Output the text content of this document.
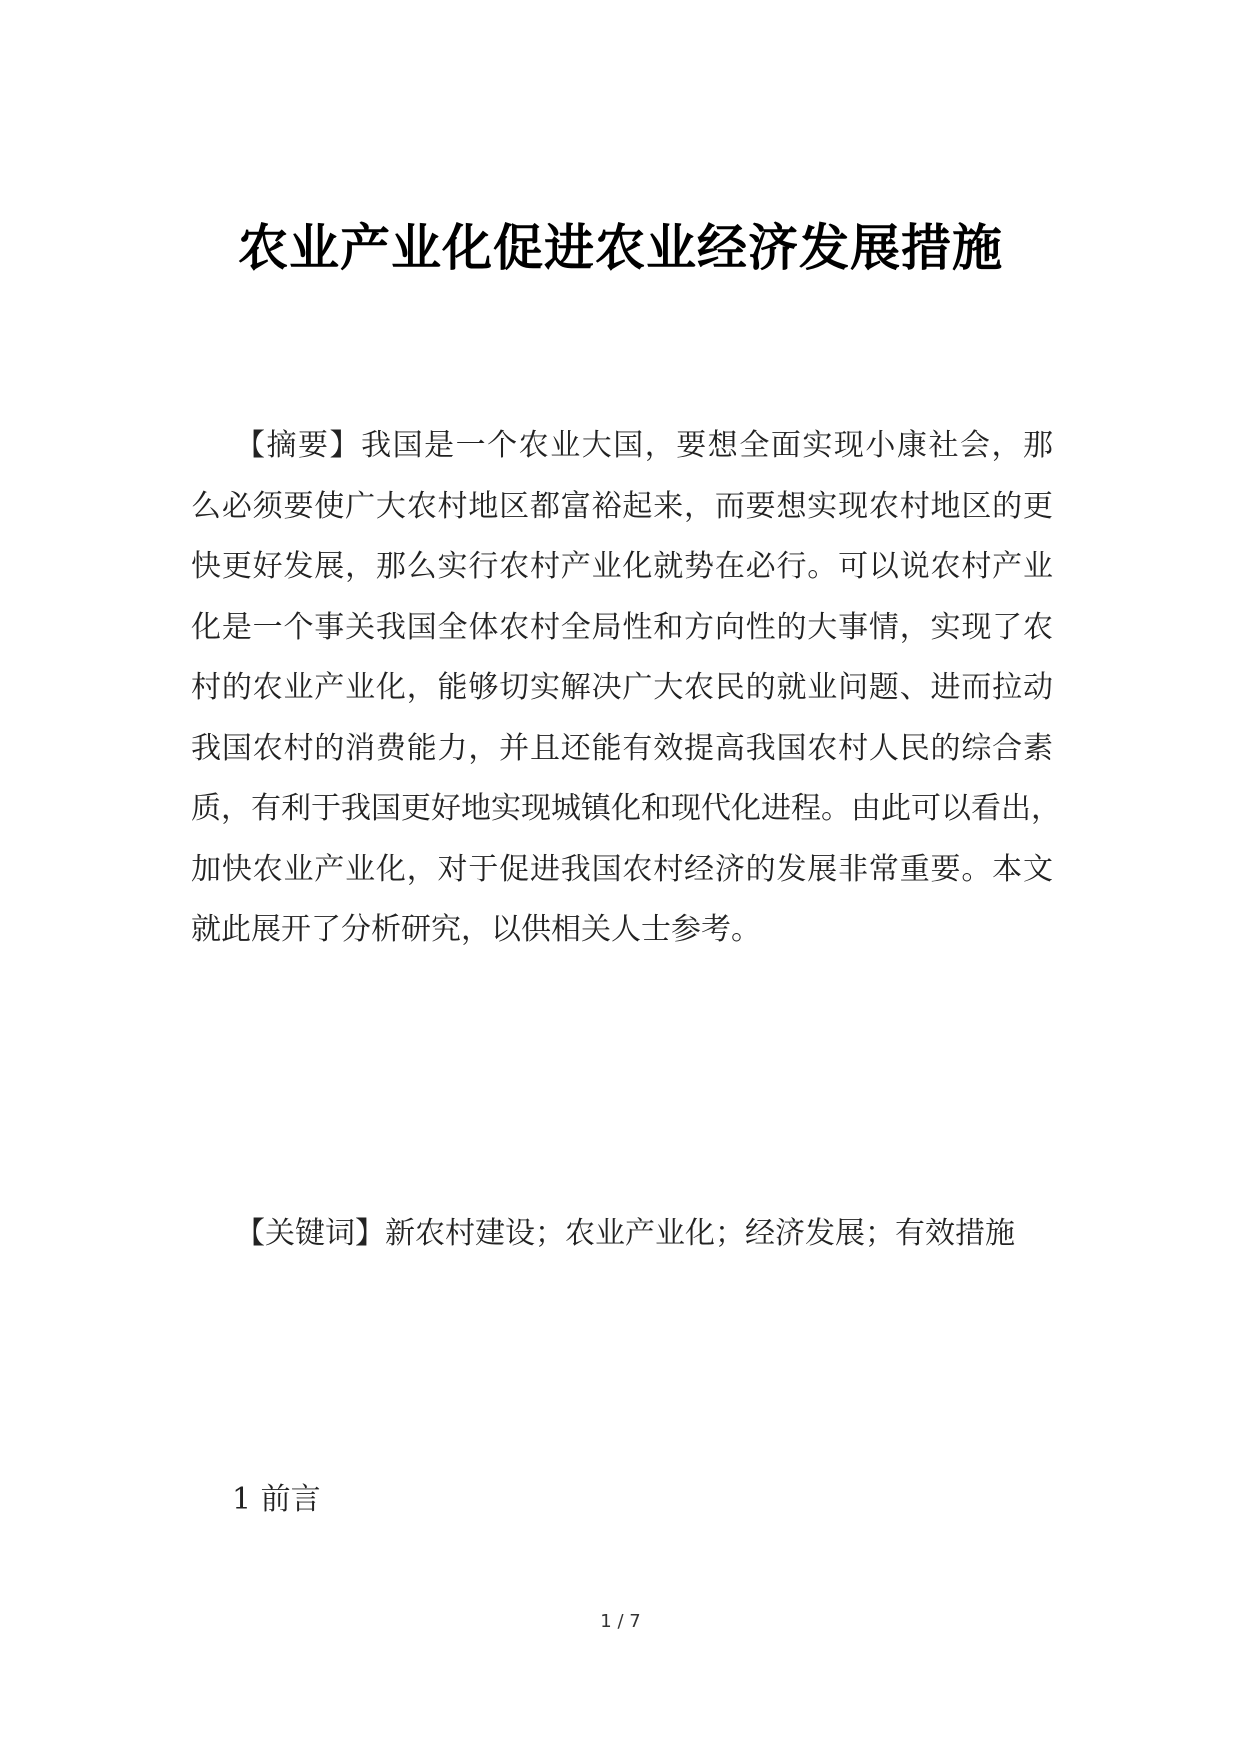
农业产业化促进农业经济发展措施
【摘要】我国是一个农业大国，要想全面实现小康社会，那
么必须要使广大农村地区都富裕起来，而要想实现农村地区的更
快更好发展，那么实行农村产业化就势在必行。可以说农村产业
化是一个事关我国全体农村全局性和方向性的大事情，实现了农
村的农业产业化，能够切实解决广大农民的就业问题、进而拉动
我国农村的消费能力，并且还能有效提高我国农村人民的综合素
质，有利于我国更好地实现城镇化和现代化进程。由此可以看出，
加快农业产业化，对于促进我国农村经济的发展非常重要。本文
就此展开了分析研究，以供相关人士参考。

【关键词】新农村建设；农业产业化；经济发展；有效措施

1 前言

1 / 7
